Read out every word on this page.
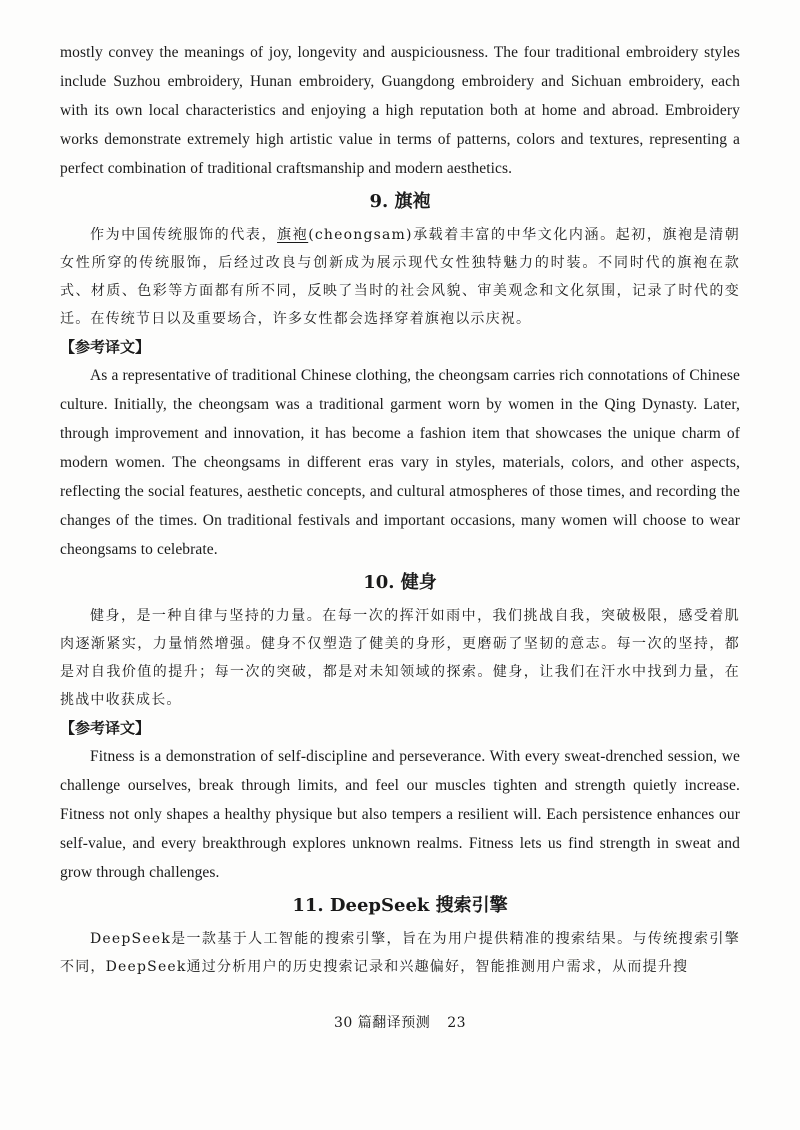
mostly convey the meanings of joy, longevity and auspiciousness. The four traditional embroidery styles include Suzhou embroidery, Hunan embroidery, Guangdong embroidery and Sichuan embroidery, each with its own local characteristics and enjoying a high reputation both at home and abroad. Embroidery works demonstrate extremely high artistic value in terms of patterns, colors and textures, representing a perfect combination of traditional craftsmanship and modern aesthetics.

9. 旗袍

作为中国传统服饰的代表，旗袍(cheongsam)承载着丰富的中华文化内涵。起初，旗袍是清朝女性所穿的传统服饰，后经过改良与创新成为展示现代女性独特魅力的时装。不同时代的旗袍在款式、材质、色彩等方面都有所不同，反映了当时的社会风貌、审美观念和文化氛围，记录了时代的变迁。在传统节日以及重要场合，许多女性都会选择穿着旗袍以示庆祝。

【参考译文】

As a representative of traditional Chinese clothing, the cheongsam carries rich connotations of Chinese culture. Initially, the cheongsam was a traditional garment worn by women in the Qing Dynasty. Later, through improvement and innovation, it has become a fashion item that showcases the unique charm of modern women. The cheongsams in different eras vary in styles, materials, colors, and other aspects, reflecting the social features, aesthetic concepts, and cultural atmospheres of those times, and recording the changes of the times. On traditional festivals and important occasions, many women will choose to wear cheongsams to celebrate.

10. 健身

健身，是一种自律与坚持的力量。在每一次的挥汗如雨中，我们挑战自我，突破极限，感受着肌肉逐渐紧实，力量悄然增强。健身不仅塑造了健美的身形，更磨砺了坚韧的意志。每一次的坚持，都是对自我价值的提升；每一次的突破，都是对未知领域的探索。健身，让我们在汗水中找到力量，在挑战中收获成长。

【参考译文】

Fitness is a demonstration of self-discipline and perseverance. With every sweat-drenched session, we challenge ourselves, break through limits, and feel our muscles tighten and strength quietly increase. Fitness not only shapes a healthy physique but also tempers a resilient will. Each persistence enhances our self-value, and every breakthrough explores unknown realms. Fitness lets us find strength in sweat and grow through challenges.

11. DeepSeek 搜索引擎

DeepSeek是一款基于人工智能的搜索引擎，旨在为用户提供精准的搜索结果。与传统搜索引擎不同，DeepSeek通过分析用户的历史搜索记录和兴趣偏好，智能推测用户需求，从而提升搜

30 篇翻译预测 23
